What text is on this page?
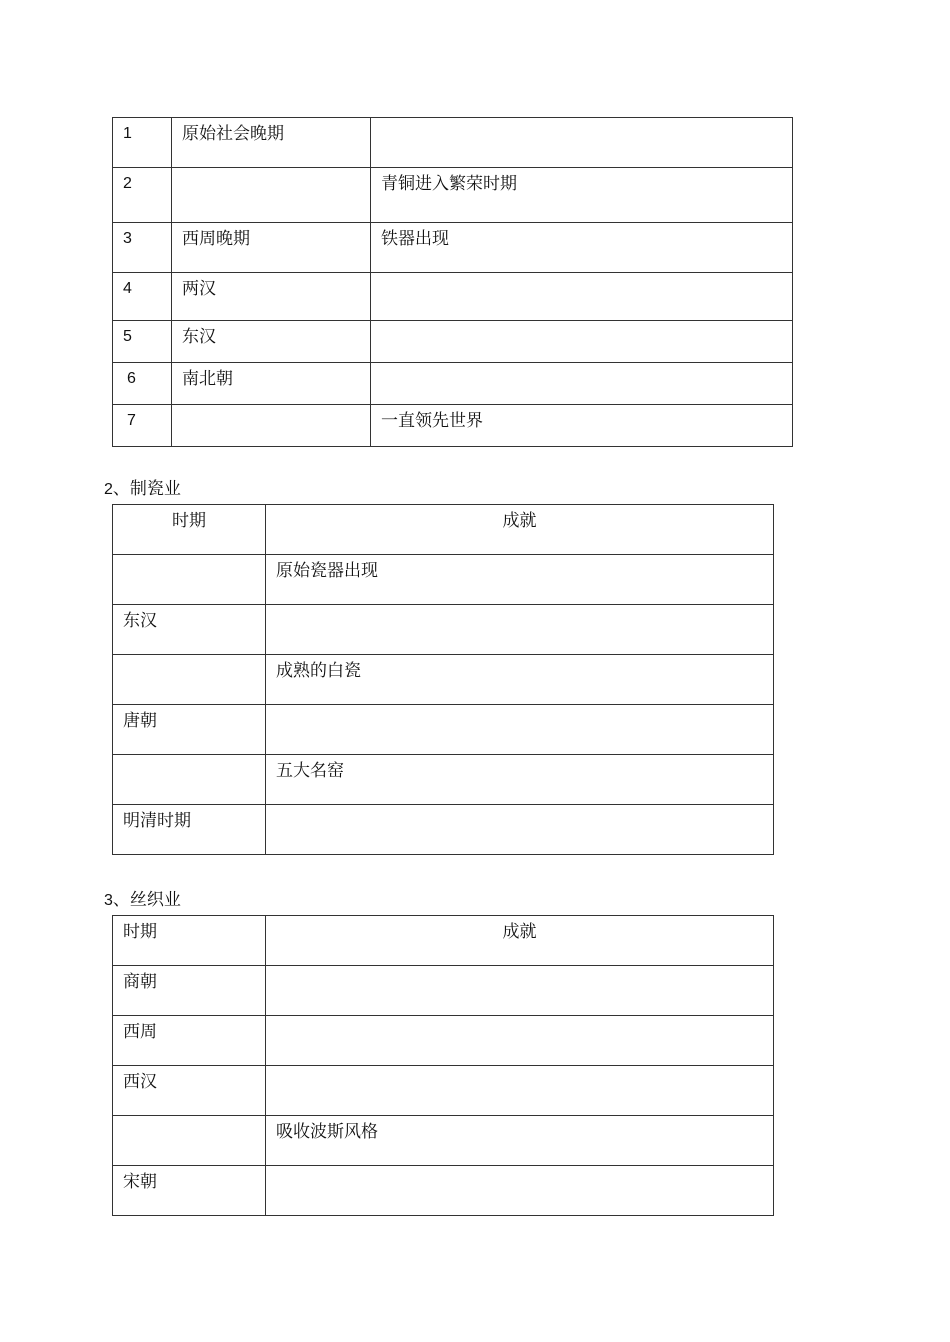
1	原始社会晚期	
2		青铜进入繁荣时期
3	西周晚期	铁器出现
4	两汉	
5	东汉	
6	南北朝	
7		一直领先世界
2、制瓷业
时期	成就
	原始瓷器出现
东汉	
	成熟的白瓷
唐朝	
	五大名窑
明清时期	
3、丝织业
时期	成就
商朝	
西周	
西汉	
	吸收波斯风格
宋朝	
